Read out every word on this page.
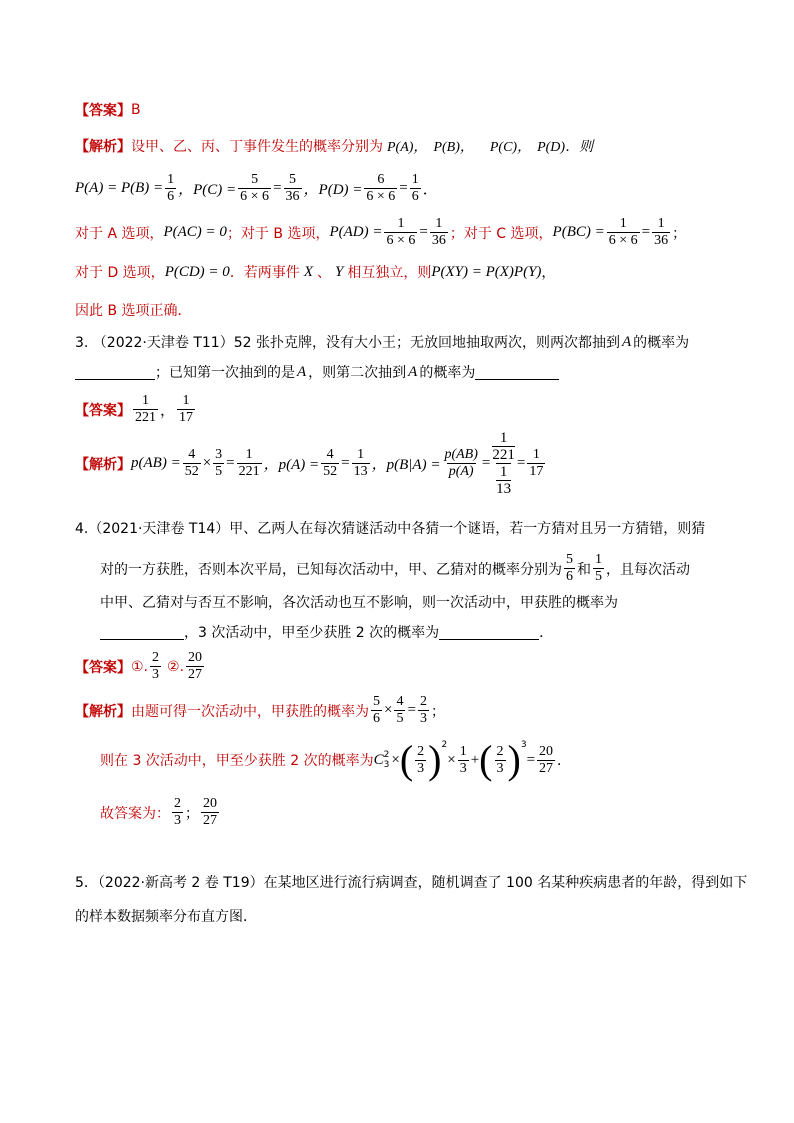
【答案】 B
【解析】 设甲、乙、丙、丁事件发生的概率分别为 P(A)， P(B)， P(C)， P(D)．则
$P(A) = P(B) = \frac{1}{6}$ ，$P(C) = \frac{5}{6 \times 6} = \frac{5}{36}$ ，$P(D) = \frac{6}{6 \times 6} = \frac{1}{6}$ ．
对于 A 选项， P(AC) = 0 ；对于 B 选项， $P(AD) = \frac{1}{6 \times 6} = \frac{1}{36}$ ；对于 C 选项， $P(BC) = \frac{1}{6 \times 6} = \frac{1}{36}$ ；
对于 D 选项， P(CD) = 0 ．若两事件 X 、 Y 相互独立，则 P(XY) = P(X)P(Y) ，
因此 B 选项正确．
3. （2022·天津卷 T11）52 张扑克牌，没有大小王；无放回地抽取两次，则两次都抽到 A 的概率为
；已知第一次抽到的是 A ，则第二次抽到 A 的概率为
【答案】 $\frac{1}{221}$ ， $\frac{1}{17}$
【解析】 $p(AB) = \frac{4}{52} \times \frac{3}{5} = \frac{1}{221}$ ，$p(A) = \frac{4}{52} = \frac{1}{13}$ ，$p(B|A) = \frac{p(AB)}{p(A)} = 1$
221
1
$13 = \frac{1}{17}$
4.（2021·天津卷 T14）甲、乙两人在每次猜谜活动中各猜一个谜语，若一方猜对且另一方猜错，则猜
对的一方获胜，否则本次平局，已知每次活动中，甲、乙猜对的概率分别为 $\frac{5}{6}$ 和 $\frac{1}{5}$ ，且每次活动
中甲、乙猜对与否互不影响，各次活动也互不影响，则一次活动中，甲获胜的概率为
，3 次活动中，甲至少获胜 2 次的概率为	．
【答案】 ①. $\frac{2}{3}$ ②. $\frac{20}{27}$
【解析】 由题可得一次活动中，甲获胜的概率为 $\frac{5}{6} \times \frac{4}{5} = \frac{2}{3}$ ；
则在 3 次活动中，甲至少获胜 2 次的概率为 C 2
3 × ( $\frac{2}{3} )^2$
× $\frac{1}{3}$ + ( $\frac{2}{3} )^3$
= $\frac{20}{27}$ ．
故答案为： $\frac{2}{3}$ ； $\frac{20}{27}$
5．（2022·新高考 2 卷 T19）在某地区进行流行病调查，随机调查了 100 名某种疾病患者的年龄，得到如下
的样本数据频率分布直方图．
